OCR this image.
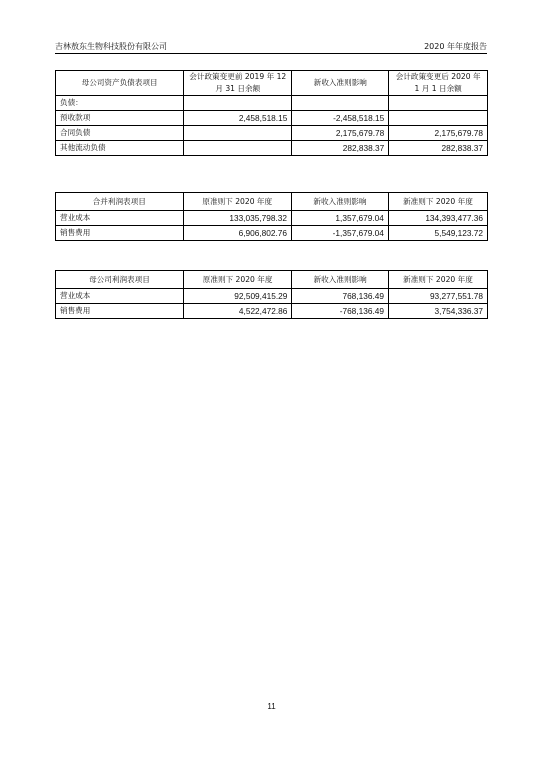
吉林敖东生物科技股份有限公司	2020 年年度报告
母公司资产负债表项目	会计政策变更前 2019 年 12 月 31 日余额	新收入准则影响	会计政策变更后 2020 年 1 月 1 日余额

负债：			
预收款项	2,458,518.15	-2,458,518.15	
合同负债		2,175,679.78	2,175,679.78
其他流动负债		282,838.37	282,838.37
合并利润表项目	原准则下 2020 年度	新收入准则影响	新准则下 2020 年度
营业成本	133,035,798.32	1,357,679.04	134,393,477.36
销售费用	6,906,802.76	-1,357,679.04	5,549,123.72
母公司利润表项目	原准则下 2020 年度	新收入准则影响	新准则下 2020 年度
营业成本	92,509,415.29	768,136.49	93,277,551.78
销售费用	4,522,472.86	-768,136.49	3,754,336.37
11
